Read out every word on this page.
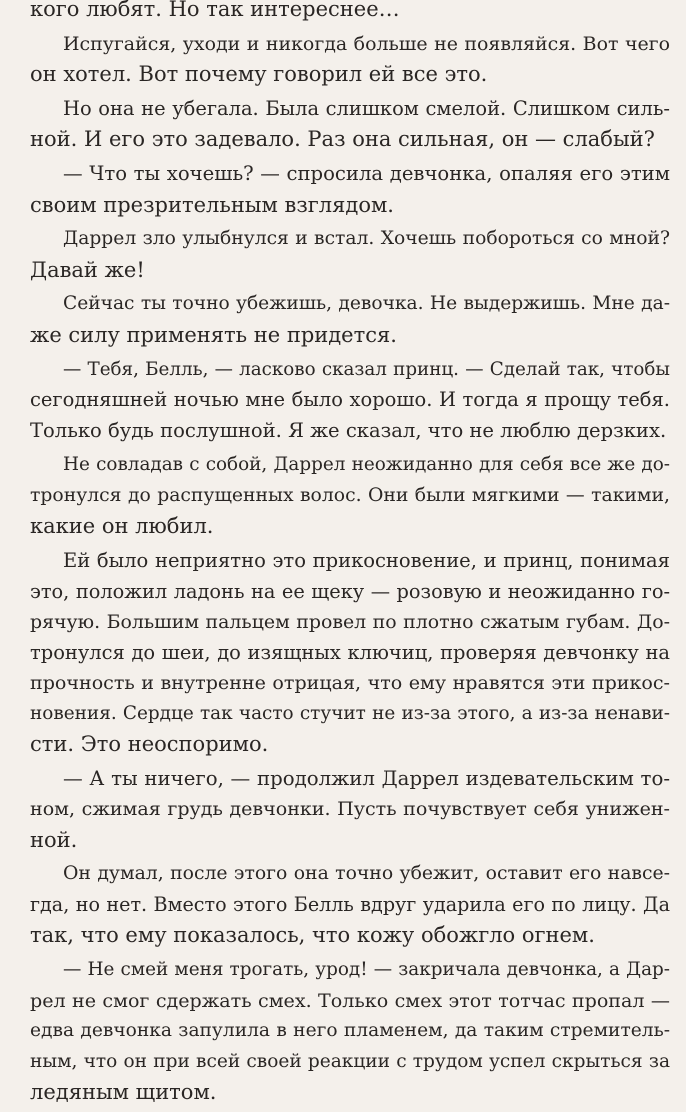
кого любят. Но так интереснее…
Испугайся, уходи и никогда больше не появляйся. Вот чего
он хотел. Вот почему говорил ей все это.
Но она не убегала. Была слишком смелой. Слишком силь-
ной. И его это задевало. Раз она сильная, он — слабый?
— Что ты хочешь? — спросила девчонка, опаляя его этим
своим презрительным взглядом.
Даррел зло улыбнулся и встал. Хочешь побороться со мной?
Давай же!
Сейчас ты точно убежишь, девочка. Не выдержишь. Мне да-
же силу применять не придется.
— Тебя, Белль, — ласково сказал принц. — Сделай так, чтобы
сегодняшней ночью мне было хорошо. И тогда я прощу тебя.
Только будь послушной. Я же сказал, что не люблю дерзких.
Не совладав с собой, Даррел неожиданно для себя все же до-
тронулся до распущенных волос. Они были мягкими — такими,
какие он любил.
Ей было неприятно это прикосновение, и принц, понимая
это, положил ладонь на ее щеку — розовую и неожиданно го-
рячую. Большим пальцем провел по плотно сжатым губам. До-
тронулся до шеи, до изящных ключиц, проверяя девчонку на
прочность и внутренне отрицая, что ему нравятся эти прикос-
новения. Сердце так часто стучит не из-за этого, а из-за ненави-
сти. Это неоспоримо.
— А ты ничего, — продолжил Даррел издевательским то-
ном, сжимая грудь девчонки. Пусть почувствует себя унижен-
ной.
Он думал, после этого она точно убежит, оставит его навсе-
гда, но нет. Вместо этого Белль вдруг ударила его по лицу. Да
так, что ему показалось, что кожу обожгло огнем.
— Не смей меня трогать, урод! — закричала девчонка, а Дар-
рел не смог сдержать смех. Только смех этот тотчас пропал —
едва девчонка запулила в него пламенем, да таким стремитель-
ным, что он при всей своей реакции с трудом успел скрыться за
ледяным щитом.
